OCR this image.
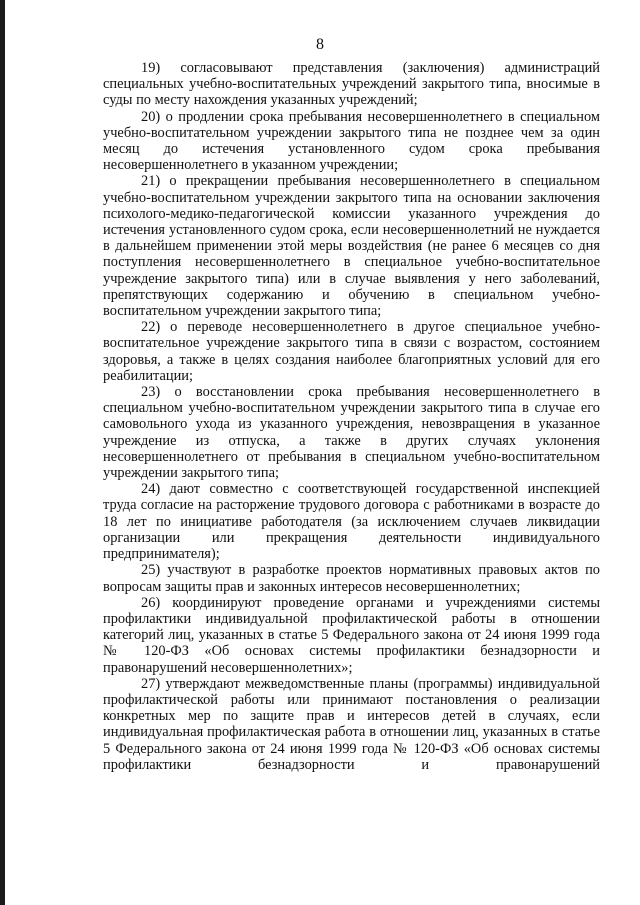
8

19) согласовывают представления (заключения) администраций специальных учебно-воспитательных учреждений закрытого типа, вносимые в суды по месту нахождения указанных учреждений;

20) о продлении срока пребывания несовершеннолетнего в специальном учебно-воспитательном учреждении закрытого типа не позднее чем за один месяц до истечения установленного судом срока пребывания несовершеннолетнего в указанном учреждении;

21) о прекращении пребывания несовершеннолетнего в специальном учебно-воспитательном учреждении закрытого типа на основании заключения психолого-медико-педагогической комиссии указанного учреждения до истечения установленного судом срока, если несовершеннолетний не нуждается в дальнейшем применении этой меры воздействия (не ранее 6 месяцев со дня поступления несовершеннолетнего в специальное учебно-воспитательное учреждение закрытого типа) или в случае выявления у него заболеваний, препятствующих содержанию и обучению в специальном учебно-воспитательном учреждении закрытого типа;

22) о переводе несовершеннолетнего в другое специальное учебно-воспитательное учреждение закрытого типа в связи с возрастом, состоянием здоровья, а также в целях создания наиболее благоприятных условий для его реабилитации;

23) о восстановлении срока пребывания несовершеннолетнего в специальном учебно-воспитательном учреждении закрытого типа в случае его самовольного ухода из указанного учреждения, невозвращения в указанное учреждение из отпуска, а также в других случаях уклонения несовершеннолетнего от пребывания в специальном учебно-воспитательном учреждении закрытого типа;

24) дают совместно с соответствующей государственной инспекцией труда согласие на расторжение трудового договора с работниками в возрасте до 18 лет по инициативе работодателя (за исключением случаев ликвидации организации или прекращения деятельности индивидуального предпринимателя);

25) участвуют в разработке проектов нормативных правовых актов по вопросам защиты прав и законных интересов несовершеннолетних;

26) координируют проведение органами и учреждениями системы профилактики индивидуальной профилактической работы в отношении категорий лиц, указанных в статье 5 Федерального закона от 24 июня 1999 года № 120-ФЗ «Об основах системы профилактики безнадзорности и правонарушений несовершеннолетних»;

27) утверждают межведомственные планы (программы) индивидуальной профилактической работы или принимают постановления о реализации конкретных мер по защите прав и интересов детей в случаях, если индивидуальная профилактическая работа в отношении лиц, указанных в статье 5 Федерального закона от 24 июня 1999 года № 120-ФЗ «Об основах системы профилактики безнадзорности и правонарушений
